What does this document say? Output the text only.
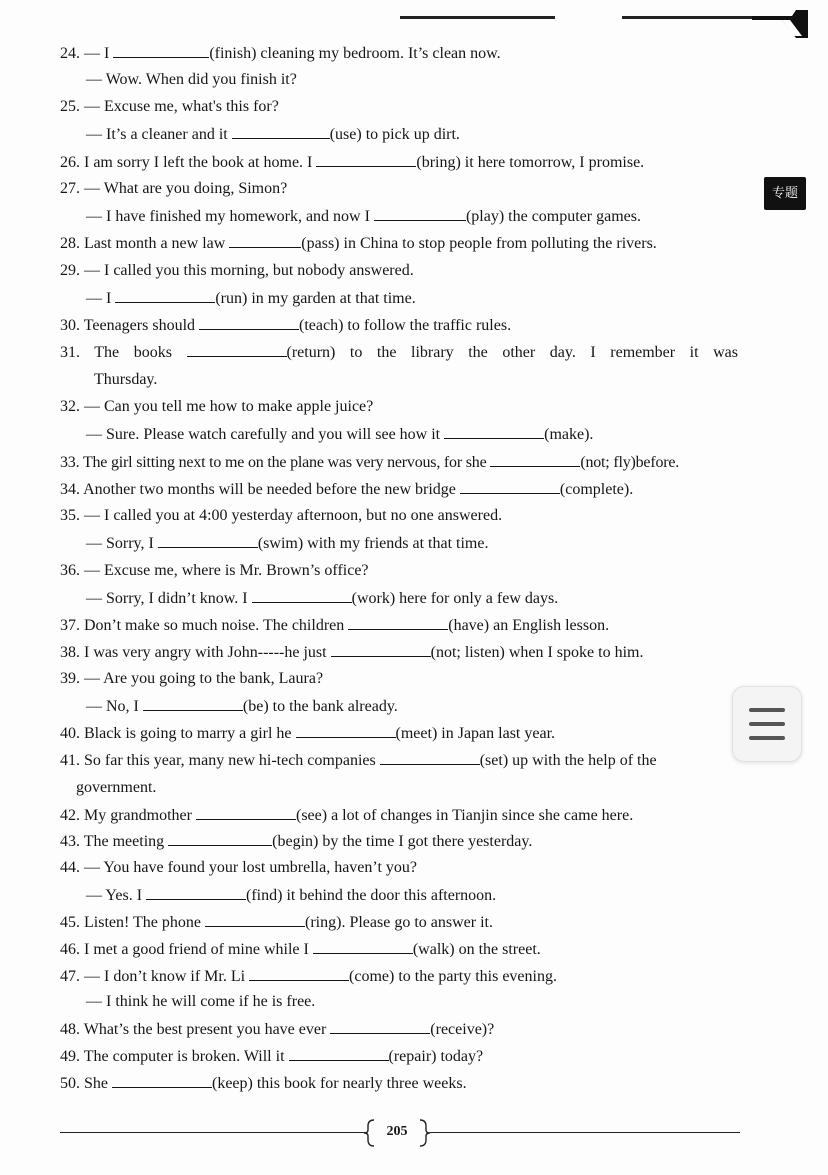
专题
24. — I	(finish) cleaning my bedroom. It’s clean now.
— Wow. When did you finish it?
25. — Excuse me, what's this for?
— It’s a cleaner and it	(use) to pick up dirt.
26. I am sorry I left the book at home. I	(bring) it here tomorrow, I promise.
27. — What are you doing, Simon?
— I have finished my homework, and now I	(play) the computer games.
28. Last month a new law	(pass) in China to stop people from polluting the rivers.
29. — I called you this morning, but nobody answered.
— I	(run) in my garden at that time.
30. Teenagers should	(teach) to follow the traffic rules.
31. The books	(return) to the library the other day. I remember it was
Thursday.
32. — Can you tell me how to make apple juice?
— Sure. Please watch carefully and you will see how it	(make).
33. The girl sitting next to me on the plane was very nervous, for she	(not; fly)before.
34. Another two months will be needed before the new bridge	(complete).
35. — I called you at 4:00 yesterday afternoon, but no one answered.
— Sorry, I	(swim) with my friends at that time.
36. — Excuse me, where is Mr. Brown’s office?
— Sorry, I didn’t know. I	(work) here for only a few days.
37. Don’t make so much noise. The children	(have) an English lesson.
38. I was very angry with John-----he just	(not; listen) when I spoke to him.
39. — Are you going to the bank, Laura?
— No, I	(be) to the bank already.
40. Black is going to marry a girl he	(meet) in Japan last year.
41. So far this year, many new hi-tech companies	(set) up with the help of the
government.
42. My grandmother	(see) a lot of changes in Tianjin since she came here.
43. The meeting	(begin) by the time I got there yesterday.
44. — You have found your lost umbrella, haven’t you?
— Yes. I	(find) it behind the door this afternoon.
45. Listen! The phone	(ring). Please go to answer it.
46. I met a good friend of mine while I	(walk) on the street.
47. — I don’t know if Mr. Li	(come) to the party this evening.
— I think he will come if he is free.
48. What’s the best present you have ever	(receive)?
49. The computer is broken. Will it	(repair) today?
50. She	(keep) this book for nearly three weeks.
205
